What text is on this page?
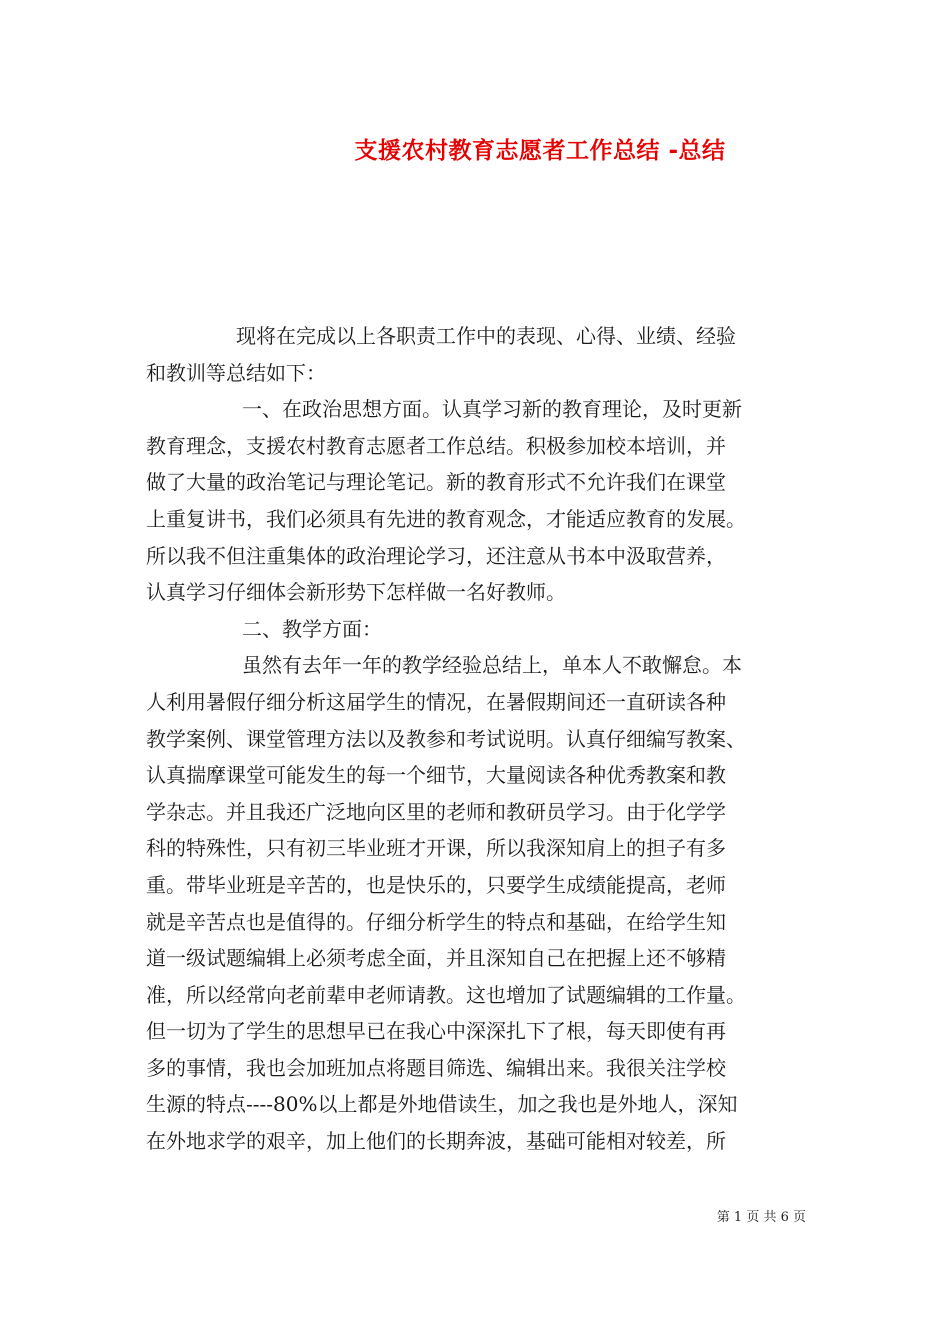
支援农村教育志愿者工作总结 -总结

现将在完成以上各职责工作中的表现、心得、业绩、经验
和教训等总结如下：

一、在政治思想方面。认真学习新的教育理论，及时更新
教育理念，支援农村教育志愿者工作总结。积极参加校本培训，并
做了大量的政治笔记与理论笔记。新的教育形式不允许我们在课堂
上重复讲书，我们必须具有先进的教育观念，才能适应教育的发展。
所以我不但注重集体的政治理论学习，还注意从书本中汲取营养，
认真学习仔细体会新形势下怎样做一名好教师。

二、教学方面：

虽然有去年一年的教学经验总结上，单本人不敢懈怠。本
人利用暑假仔细分析这届学生的情况，在暑假期间还一直研读各种
教学案例、课堂管理方法以及教参和考试说明。认真仔细编写教案、
认真揣摩课堂可能发生的每一个细节，大量阅读各种优秀教案和教
学杂志。并且我还广泛地向区里的老师和教研员学习。由于化学学
科的特殊性，只有初三毕业班才开课，所以我深知肩上的担子有多
重。带毕业班是辛苦的，也是快乐的，只要学生成绩能提高，老师
就是辛苦点也是值得的。仔细分析学生的特点和基础，在给学生知
道一级试题编辑上必须考虑全面，并且深知自己在把握上还不够精
准，所以经常向老前辈申老师请教。这也增加了试题编辑的工作量。
但一切为了学生的思想早已在我心中深深扎下了根，每天即使有再
多的事情，我也会加班加点将题目筛选、编辑出来。我很关注学校
生源的特点----80%以上都是外地借读生，加之我也是外地人，深知
在外地求学的艰辛，加上他们的长期奔波，基础可能相对较差，所

第 1 页 共 6 页
